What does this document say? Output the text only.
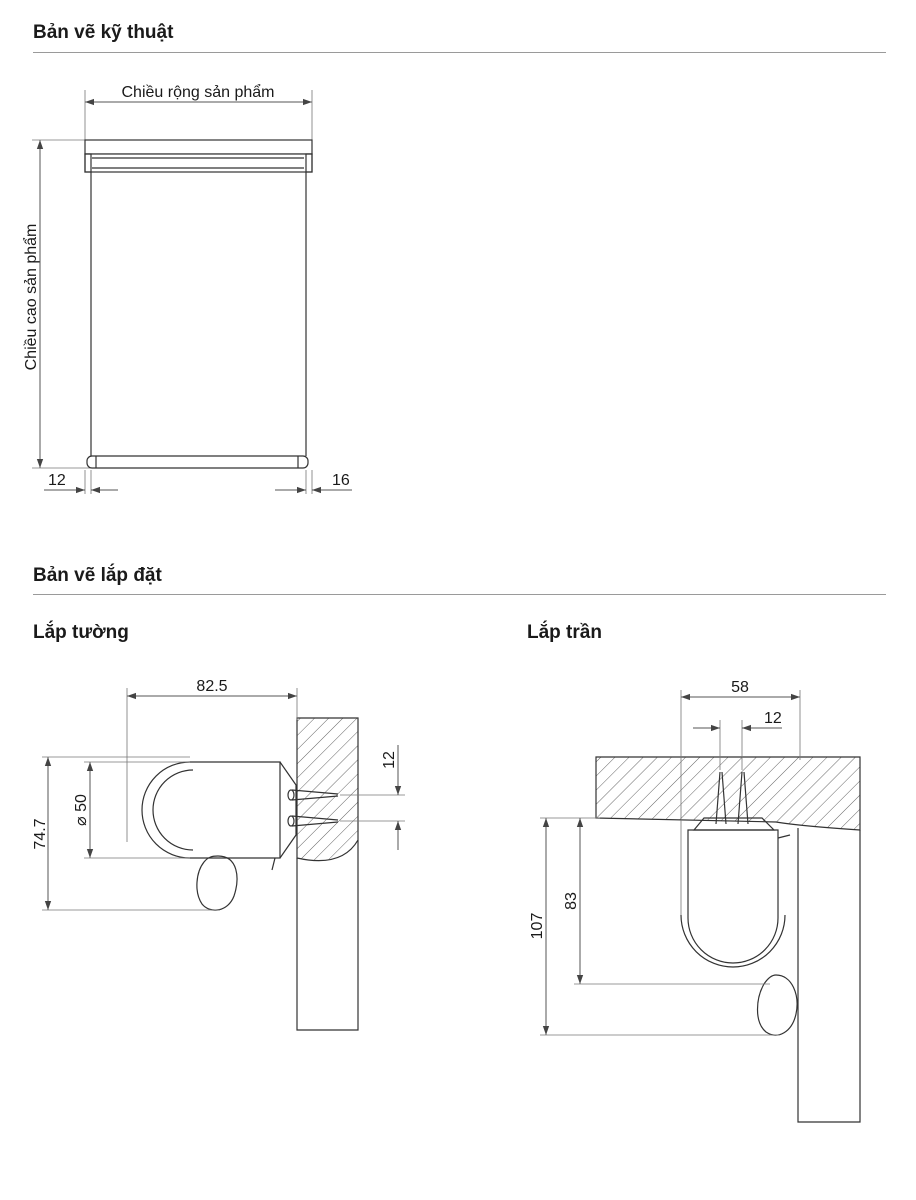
Bản vẽ kỹ thuật
Bản vẽ lắp đặt
Lắp tường	Lắp trần
Chiều rộng sản phẩm
Chiều cao sản phẩm
12	16
82.5
74.7 ⌀ 50
12
58
12
107
83
